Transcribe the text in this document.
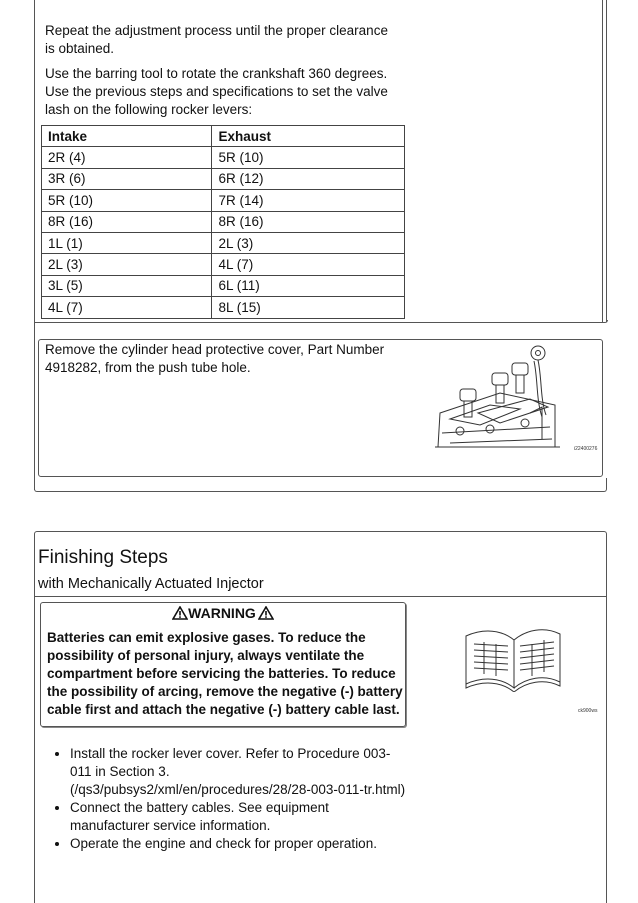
Repeat the adjustment process until the proper clearance is obtained.

Use the barring tool to rotate the crankshaft 360 degrees. Use the previous steps and specifications to set the valve lash on the following rocker levers:

Intake	Exhaust
2R (4)	5R (10)
3R (6)	6R (12)
5R (10)	7R (14)
8R (16)	8R (16)
1L (1)	2L (3)
2L (3)	4L (7)
3L (5)	6L (11)
4L (7)	8L (15)

Remove the cylinder head protective cover, Part Number 4918282, from the push tube hole.

i22400276
Finishing Steps

with Mechanically Actuated Injector

WARNING
Batteries can emit explosive gases. To reduce the possibility of personal injury, always ventilate the compartment before servicing the batteries. To reduce the possibility of arcing, remove the negative (-) battery cable first and attach the negative (-) battery cable last.	ck900ws
• Install the rocker lever cover. Refer to Procedure 003-011 in Section 3. (/qs3/pubsys2/xml/en/procedures/28/28-003-011-tr.html)
• Connect the battery cables. See equipment manufacturer service information.
• Operate the engine and check for proper operation.
